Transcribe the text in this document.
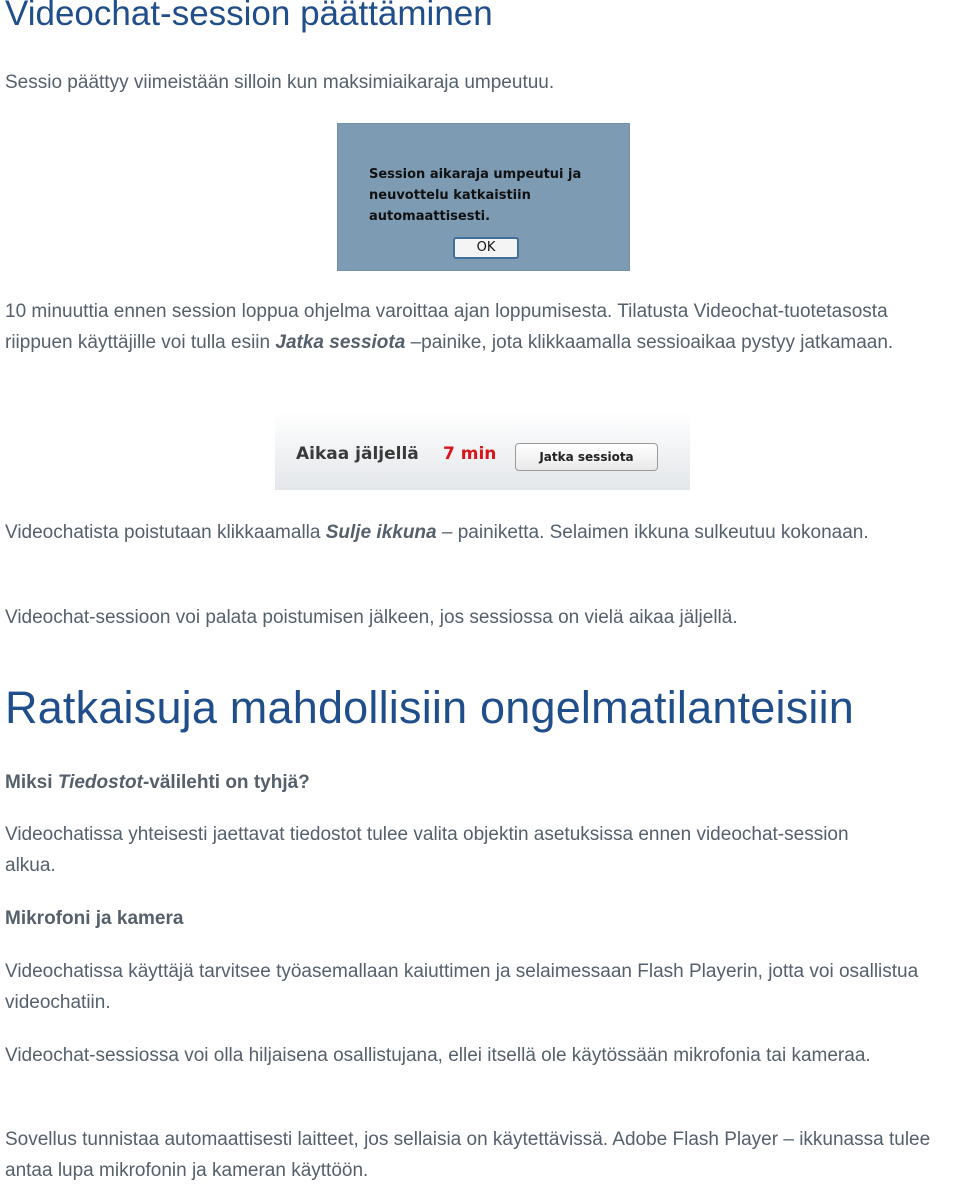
Videochat-session päättäminen

Sessio päättyy viimeistään silloin kun maksimiaikaraja umpeutuu.

Session aikaraja umpeutui ja neuvottelu katkaistiin automaattisesti.

OK

10 minuuttia ennen session loppua ohjelma varoittaa ajan loppumisesta. Tilatusta Videochat-tuotetasosta riippuen käyttäjille voi tulla esiin Jatka sessiota –painike, jota klikkaamalla sessioaikaa pystyy jatkamaan.

Aikaa jäljellä 7 min	Jatka sessiota

Videochatista poistutaan klikkaamalla Sulje ikkuna – painiketta. Selaimen ikkuna sulkeutuu kokonaan.

Videochat-sessioon voi palata poistumisen jälkeen, jos sessiossa on vielä aikaa jäljellä.

Ratkaisuja mahdollisiin ongelmatilanteisiin

Miksi Tiedostot-välilehti on tyhjä?

Videochatissa yhteisesti jaettavat tiedostot tulee valita objektin asetuksissa ennen videochat-session alkua.

Mikrofoni ja kamera

Videochatissa käyttäjä tarvitsee työasemallaan kaiuttimen ja selaimessaan Flash Playerin, jotta voi osallistua videochatiin.

Videochat-sessiossa voi olla hiljaisena osallistujana, ellei itsellä ole käytössään mikrofonia tai kameraa.

Sovellus tunnistaa automaattisesti laitteet, jos sellaisia on käytettävissä. Adobe Flash Player – ikkunassa tulee antaa lupa mikrofonin ja kameran käyttöön.
